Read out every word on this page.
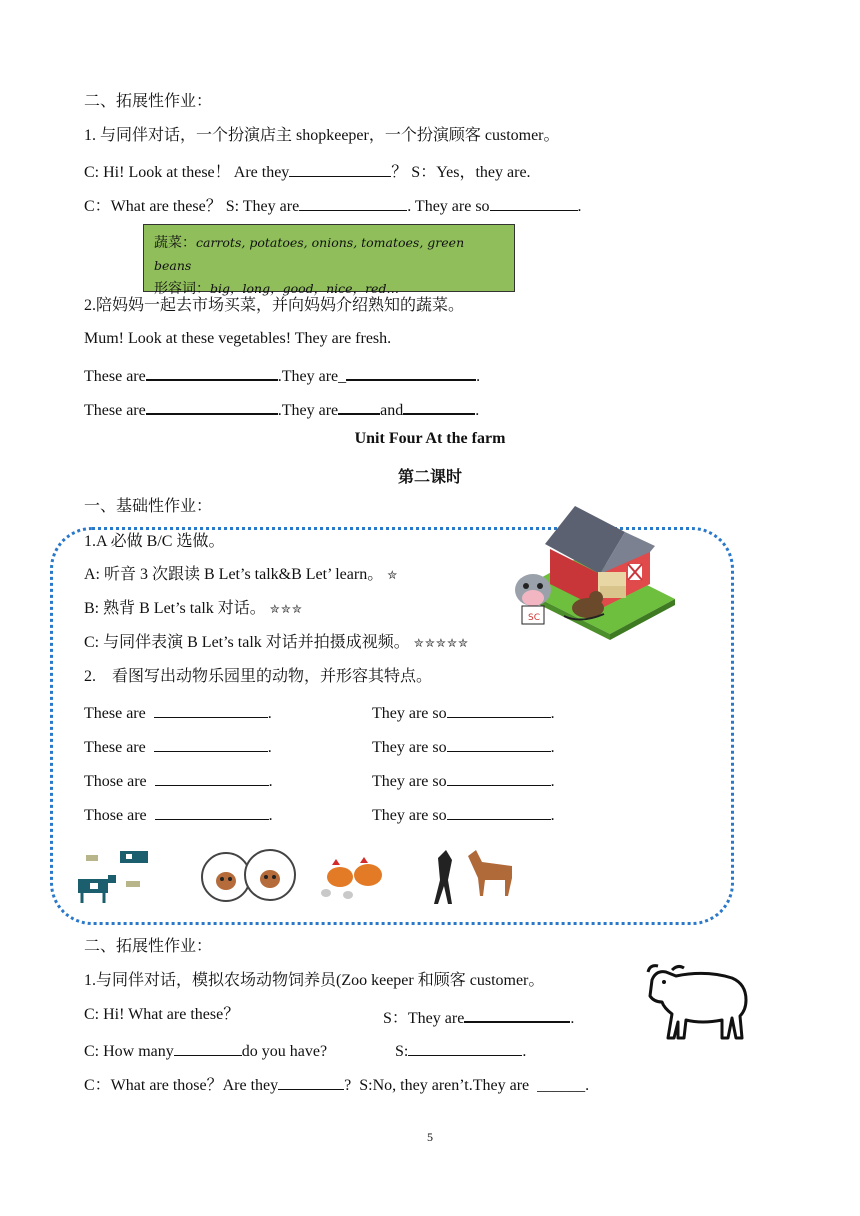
二、拓展性作业：
1. 与同伴对话，一个扮演店主 shopkeeper，一个扮演顾客 customer。
C: Hi! Look at these！ Are they	？ S：Yes，they are.
C：What are these？ S: They are	. They are so	.
蔬菜：carrots, potatoes, onions, tomatoes, green beans
形容词：big，long，good，nice，red…
2.陪妈妈一起去市场买菜，并向妈妈介绍熟知的蔬菜。
Mum! Look at these vegetables! They are fresh.
These are	.They are_	.
These are	.They are	and	.
Unit Four At the farm
第二课时
一、基础性作业：
1.A 必做 B/C 选做。
A: 听音 3 次跟读 B Let’s talk&B Let’ learn。 ✮
B: 熟背 B Let’s talk 对话。 ✮✮✮
C: 与同伴表演 B Let’s talk 对话并拍摄成视频。 ✮✮✮✮✮
2.　看图写出动物乐园里的动物，并形容其特点。
These are	.	They are so	.
These are	.	They are so	.
Those are	.	They are so	.
Those are	.	They are so	.
SC
二、拓展性作业：
1.与同伴对话，模拟农场动物饲养员(Zoo keeper 和顾客 customer。
C: Hi! What are these？	S：They are	.
C: How many	do you have?	S:	.
C：What are those？Are they	? S:No, they aren’t.They are ______.
5
